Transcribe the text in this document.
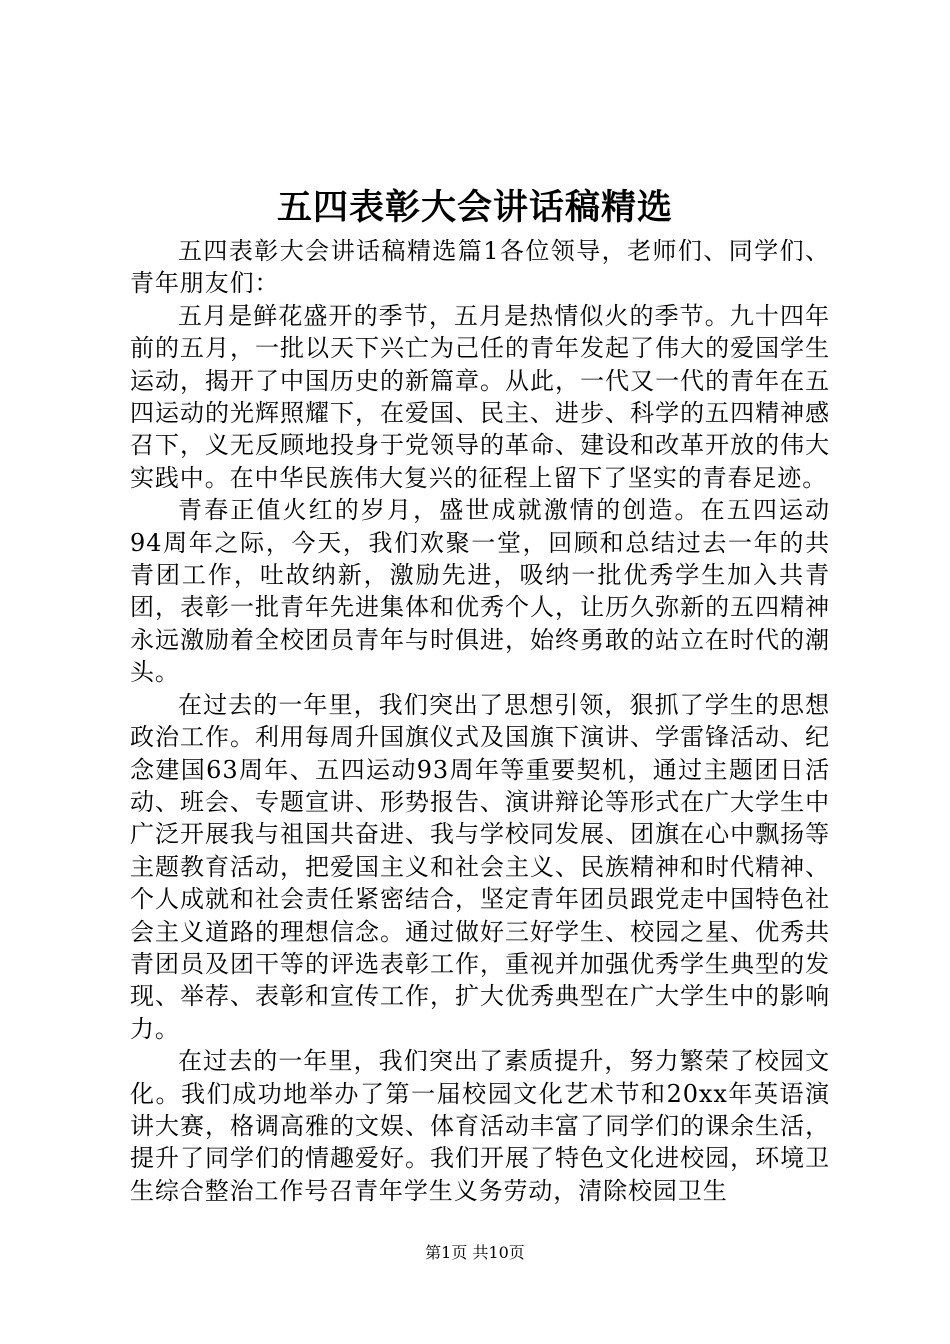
五四表彰大会讲话稿精选

五四表彰大会讲话稿精选篇1各位领导，老师们、同学们、青年朋友们：

五月是鲜花盛开的季节，五月是热情似火的季节。九十四年前的五月，一批以天下兴亡为己任的青年发起了伟大的爱国学生运动，揭开了中国历史的新篇章。从此，一代又一代的青年在五四运动的光辉照耀下，在爱国、民主、进步、科学的五四精神感召下，义无反顾地投身于党领导的革命、建设和改革开放的伟大实践中。在中华民族伟大复兴的征程上留下了坚实的青春足迹。

青春正值火红的岁月，盛世成就激情的创造。在五四运动94周年之际，今天，我们欢聚一堂，回顾和总结过去一年的共青团工作，吐故纳新，激励先进，吸纳一批优秀学生加入共青团，表彰一批青年先进集体和优秀个人，让历久弥新的五四精神永远激励着全校团员青年与时俱进，始终勇敢的站立在时代的潮头。

在过去的一年里，我们突出了思想引领，狠抓了学生的思想政治工作。利用每周升国旗仪式及国旗下演讲、学雷锋活动、纪念建国63周年、五四运动93周年等重要契机，通过主题团日活动、班会、专题宣讲、形势报告、演讲辩论等形式在广大学生中广泛开展我与祖国共奋进、我与学校同发展、团旗在心中飘扬等主题教育活动，把爱国主义和社会主义、民族精神和时代精神、个人成就和社会责任紧密结合，坚定青年团员跟党走中国特色社会主义道路的理想信念。通过做好三好学生、校园之星、优秀共青团员及团干等的评选表彰工作，重视并加强优秀学生典型的发现、举荐、表彰和宣传工作，扩大优秀典型在广大学生中的影响力。

在过去的一年里，我们突出了素质提升，努力繁荣了校园文化。我们成功地举办了第一届校园文化艺术节和20xx年英语演讲大赛，格调高雅的文娱、体育活动丰富了同学们的课余生活，提升了同学们的情趣爱好。我们开展了特色文化进校园，环境卫生综合整治工作号召青年学生义务劳动，清除校园卫生

第1页 共10页
